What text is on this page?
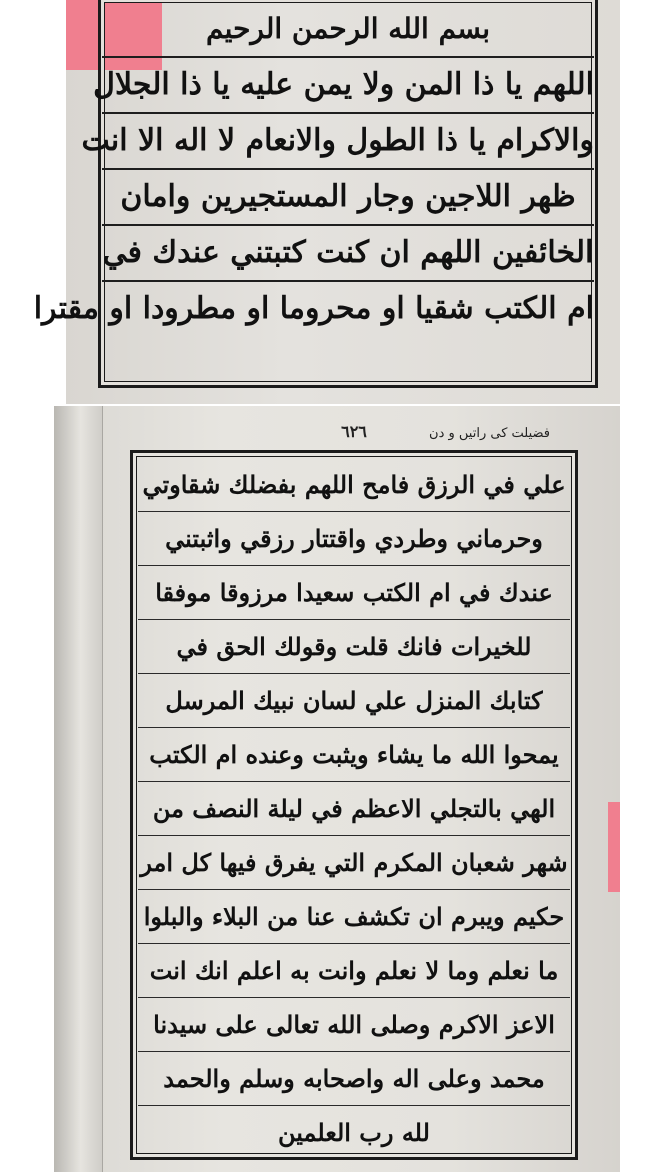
بسم الله الرحمن الرحيم
اللهم يا ذا المن ولا يمن عليه يا ذا الجلال
والاكرام يا ذا الطول والانعام لا اله الا انت
ظهر اللاجين وجار المستجيرين وامان
الخائفين اللهم ان كنت كتبتني عندك في
ام الكتب شقيا او محروما او مطرودا او مقترا
٦٢٦	فضیلت کی راتیں و دن
علي في الرزق فامح اللهم بفضلك شقاوتي
وحرماني وطردي واقتتار رزقي واثبتني
عندك في ام الكتب سعيدا مرزوقا موفقا
للخيرات فانك قلت وقولك الحق في
كتابك المنزل علي لسان نبيك المرسل
يمحوا الله ما يشاء ويثبت وعنده ام الكتب
الهي بالتجلي الاعظم في ليلة النصف من
شهر شعبان المكرم التي يفرق فيها كل امر
حكيم ويبرم ان تكشف عنا من البلاء والبلوا
ما نعلم وما لا نعلم وانت به اعلم انك انت
الاعز الاكرم وصلى الله تعالى على سيدنا
محمد وعلى اله واصحابه وسلم والحمد
لله رب العلمين
